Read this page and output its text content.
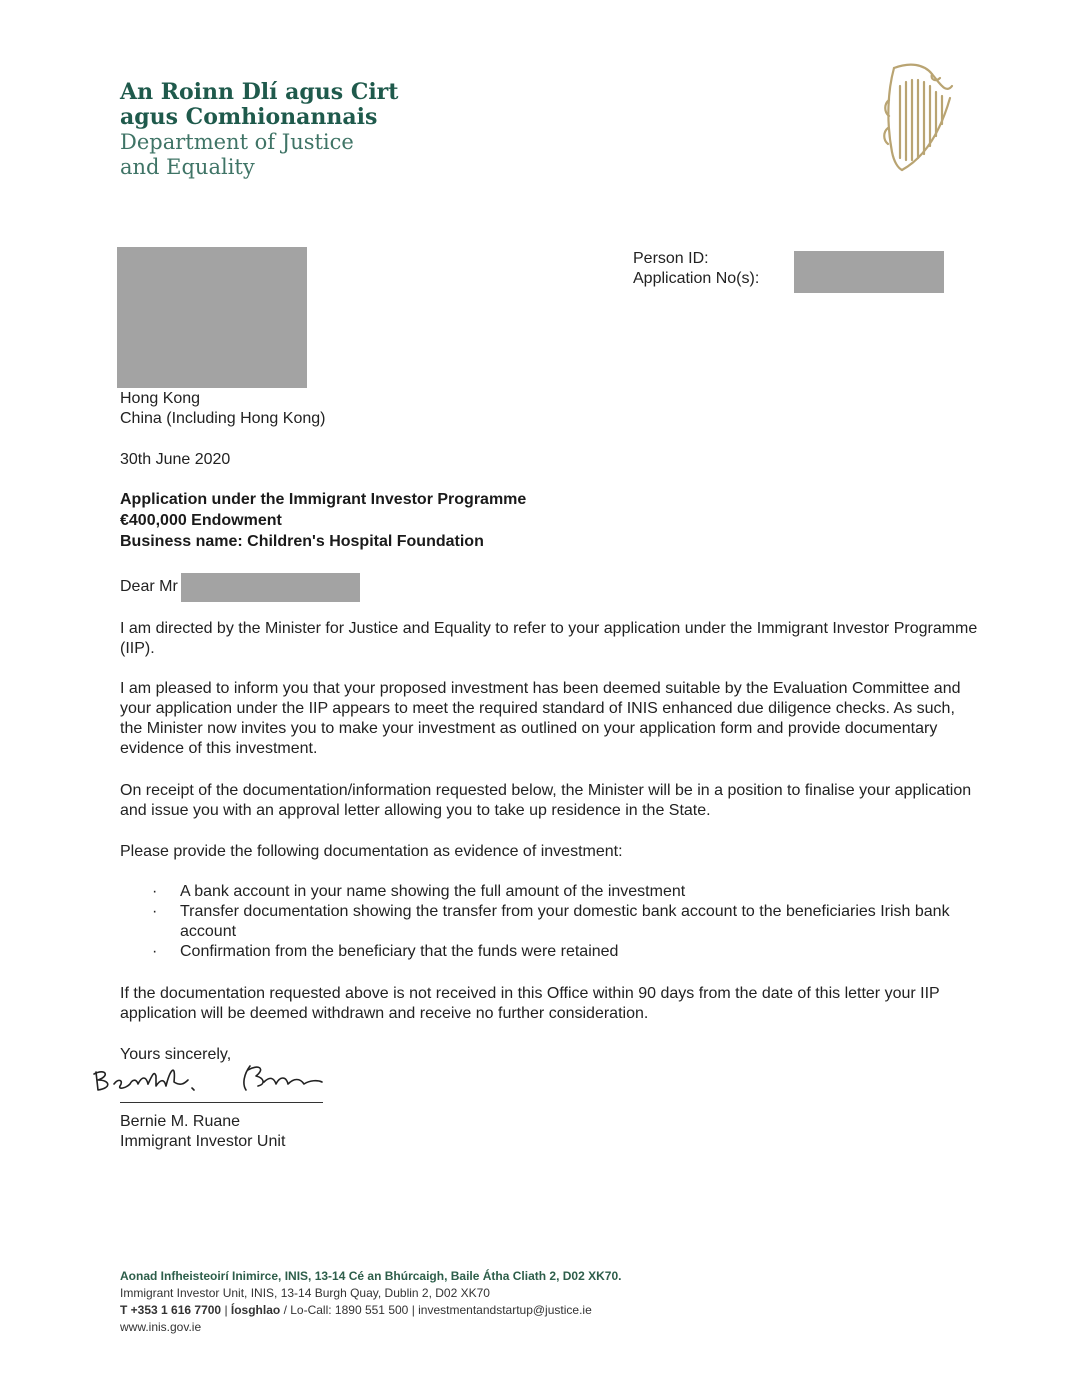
An Roinn Dlí agus Cirt
agus Comhionannais
Department of Justice
and Equality
Person ID:
Application No(s):
Hong Kong
China (Including Hong Kong)
30th June 2020
Application under the Immigrant Investor Programme
€400,000 Endowment
Business name: Children's Hospital Foundation
Dear Mr
I am directed by the Minister for Justice and Equality to refer to your application under the Immigrant Investor Programme (IIP).
I am pleased to inform you that your proposed investment has been deemed suitable by the Evaluation Committee and your application under the IIP appears to meet the required standard of INIS enhanced due diligence checks. As such, the Minister now invites you to make your investment as outlined on your application form and provide documentary evidence of this investment.
On receipt of the documentation/information requested below, the Minister will be in a position to finalise your application and issue you with an approval letter allowing you to take up residence in the State.
Please provide the following documentation as evidence of investment:
· A bank account in your name showing the full amount of the investment
· Transfer documentation showing the transfer from your domestic bank account to the beneficiaries Irish bank account
· Confirmation from the beneficiary that the funds were retained
If the documentation requested above is not received in this Office within 90 days from the date of this letter your IIP application will be deemed withdrawn and receive no further consideration.
Yours sincerely,
Bernie M. Ruane
Immigrant Investor Unit
Aonad Infheisteoirí Inimirce, INIS, 13-14 Cé an Bhúrcaigh, Baile Átha Cliath 2, D02 XK70.
Immigrant Investor Unit, INIS, 13-14 Burgh Quay, Dublin 2, D02 XK70
T +353 1 616 7700 | Íosghlao / Lo-Call: 1890 551 500 | investmentandstartup@justice.ie
www.inis.gov.ie
